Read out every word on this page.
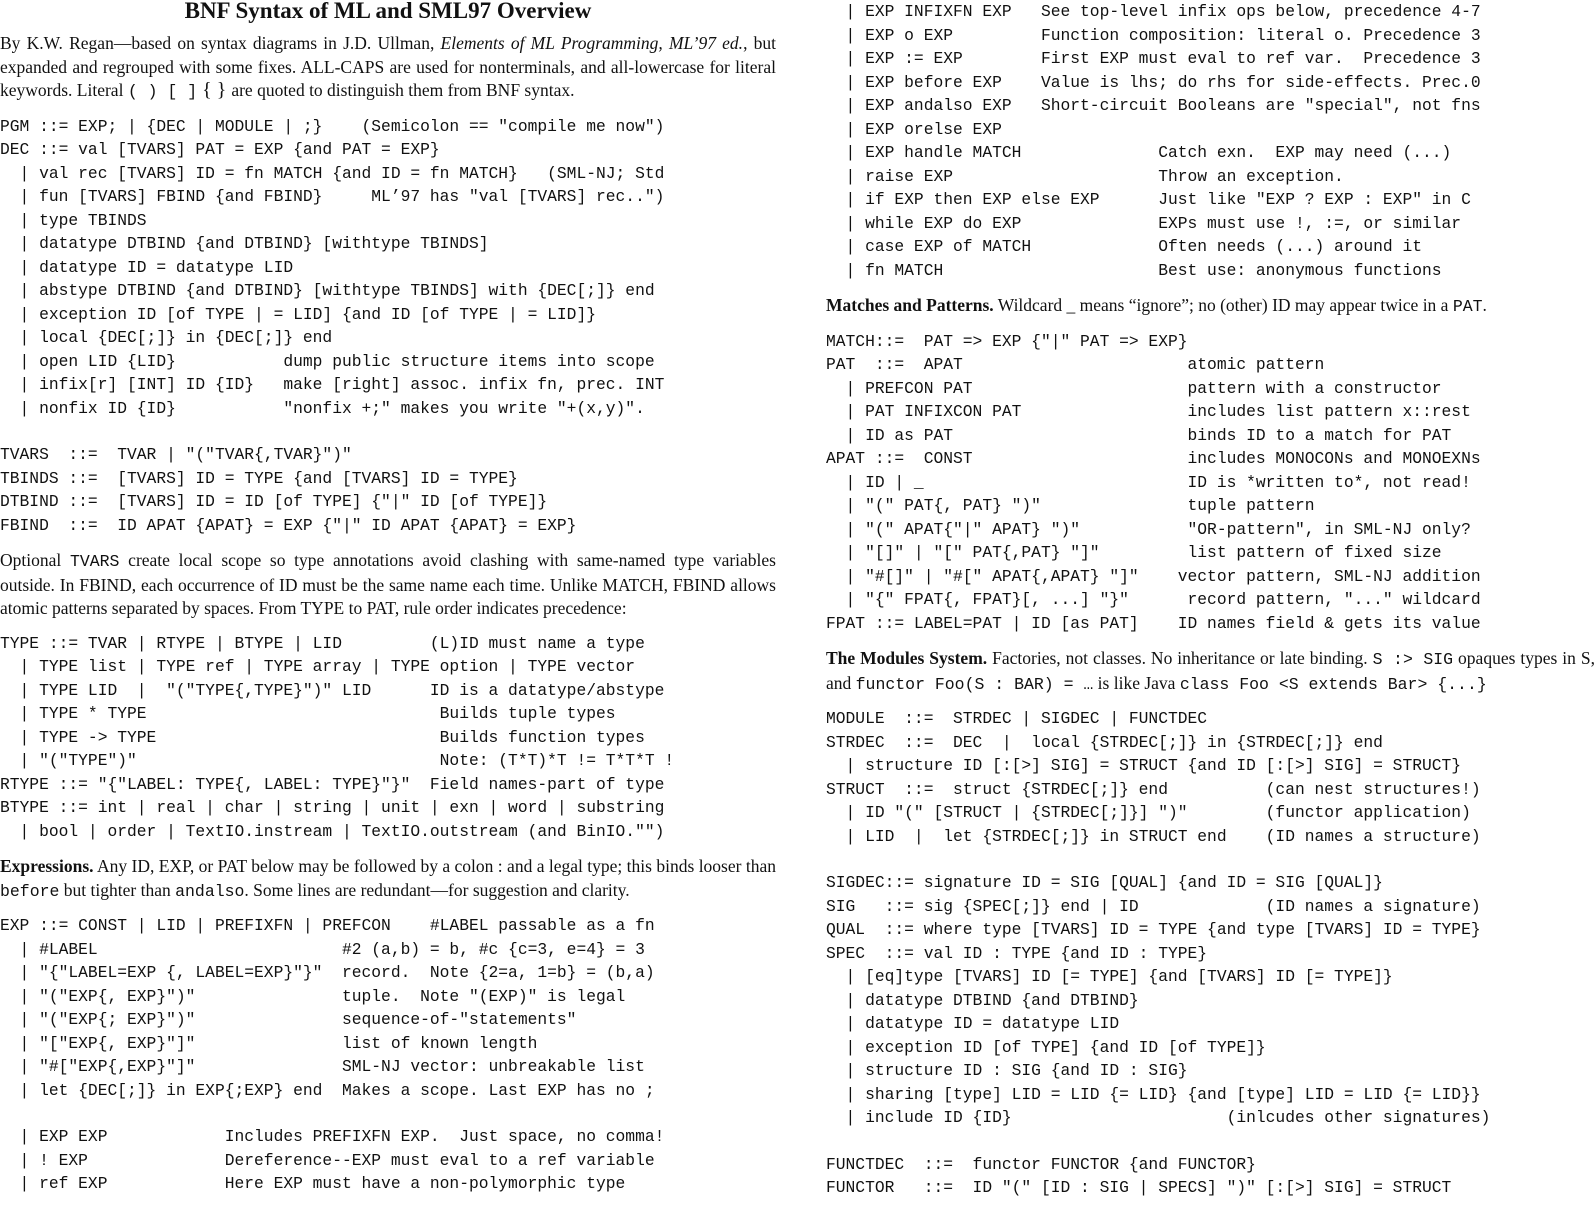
BNF Syntax of ML and SML97 Overview

By K.W. Regan—based on syntax diagrams in J.D. Ullman, Elements of ML Programming, ML’97 ed., but expanded and regrouped with some fixes. ALL-CAPS are used for nonterminals, and all-lowercase for literal keywords. Literal ( ) [ ] { } are quoted to distinguish them from BNF syntax.

PGM ::= EXP; | {DEC | MODULE | ;}    (Semicolon == "compile me now")
DEC ::= val [TVARS] PAT = EXP {and PAT = EXP}
| val rec [TVARS] ID = fn MATCH {and ID = fn MATCH}   (SML-NJ; Std
| fun [TVARS] FBIND {and FBIND}     ML’97 has "val [TVARS] rec..")
| type TBINDS
| datatype DTBIND {and DTBIND} [withtype TBINDS]
| datatype ID = datatype LID
| abstype DTBIND {and DTBIND} [withtype TBINDS] with {DEC[;]} end
| exception ID [of TYPE | = LID] {and ID [of TYPE | = LID]}
| local {DEC[;]} in {DEC[;]} end
| open LID {LID}           dump public structure items into scope
| infix[r] [INT] ID {ID}   make [right] assoc. infix fn, prec. INT
| nonfix ID {ID}           "nonfix +;" makes you write "+(x,y)".
TVARS  ::=  TVAR | "("TVAR{,TVAR}")"
TBINDS ::=  [TVARS] ID = TYPE {and [TVARS] ID = TYPE}
DTBIND ::=  [TVARS] ID = ID [of TYPE] {"|" ID [of TYPE]}
FBIND  ::=  ID APAT {APAT} = EXP {"|" ID APAT {APAT} = EXP}

Optional TVARS create local scope so type annotations avoid clashing with same-named type variables outside. In FBIND, each occurrence of ID must be the same name each time. Unlike MATCH, FBIND allows atomic patterns separated by spaces. From TYPE to PAT, rule order indicates precedence:

TYPE ::= TVAR | RTYPE | BTYPE | LID         (L)ID must name a type
| TYPE list | TYPE ref | TYPE array | TYPE option | TYPE vector
| TYPE LID  |  "("TYPE{,TYPE}")" LID      ID is a datatype/abstype
| TYPE * TYPE                              Builds tuple types
| TYPE -> TYPE                             Builds function types
| "("TYPE")"                               Note: (T*T)*T != T*T*T !
RTYPE ::= "{"LABEL: TYPE{, LABEL: TYPE}"}"  Field names-part of type
BTYPE ::= int | real | char | string | unit | exn | word | substring
| bool | order | TextIO.instream | TextIO.outstream (and BinIO."")

Expressions. Any ID, EXP, or PAT below may be followed by a colon : and a legal type; this binds looser than before but tighter than andalso. Some lines are redundant—for suggestion and clarity.

EXP ::= CONST | LID | PREFIXFN | PREFCON    #LABEL passable as a fn
| #LABEL                         #2 (a,b) = b, #c {c=3, e=4} = 3
| "{"LABEL=EXP {, LABEL=EXP}"}"  record.  Note {2=a, 1=b} = (b,a)
| "("EXP{, EXP}")"               tuple.  Note "(EXP)" is legal
| "("EXP{; EXP}")"               sequence-of-"statements"
| "["EXP{, EXP}"]"               list of known length
| "#["EXP{,EXP}"]"               SML-NJ vector: unbreakable list
| let {DEC[;]} in EXP{;EXP} end  Makes a scope. Last EXP has no ;
| EXP EXP            Includes PREFIXFN EXP.  Just space, no comma!
| ! EXP              Dereference--EXP must eval to a ref variable
| ref EXP            Here EXP must have a non-polymorphic type
| EXP INFIXFN EXP   See top-level infix ops below, precedence 4-7
| EXP o EXP         Function composition: literal o. Precedence 3
| EXP := EXP        First EXP must eval to ref var.  Precedence 3
| EXP before EXP    Value is lhs; do rhs for side-effects. Prec.0
| EXP andalso EXP   Short-circuit Booleans are "special", not fns
| EXP orelse EXP
| EXP handle MATCH              Catch exn.  EXP may need (...)
| raise EXP                     Throw an exception.
| if EXP then EXP else EXP      Just like "EXP ? EXP : EXP" in C
| while EXP do EXP              EXPs must use !, :=, or similar
| case EXP of MATCH             Often needs (...) around it
| fn MATCH                      Best use: anonymous functions

Matches and Patterns. Wildcard _ means “ignore”; no (other) ID may appear twice in a PAT.

MATCH::=  PAT => EXP {"|" PAT => EXP}
PAT  ::=  APAT                       atomic pattern
| PREFCON PAT                      pattern with a constructor
| PAT INFIXCON PAT                 includes list pattern x::rest
| ID as PAT                        binds ID to a match for PAT
APAT ::=  CONST                      includes MONOCONs and MONOEXNs
| ID | _                           ID is *written to*, not read!
| "(" PAT{, PAT} ")"               tuple pattern
| "(" APAT{"|" APAT} ")"           "OR-pattern", in SML-NJ only?
| "[]" | "[" PAT{,PAT} "]"         list pattern of fixed size
| "#[]" | "#[" APAT{,APAT} "]"    vector pattern, SML-NJ addition
| "{" FPAT{, FPAT}[, ...] "}"      record pattern, "..." wildcard
FPAT ::= LABEL=PAT | ID [as PAT]    ID names field & gets its value

The Modules System. Factories, not classes. No inheritance or late binding. S :> SIG opaques types in S, and functor Foo(S : BAR) = … is like Java class Foo <S extends Bar> {...}

MODULE  ::=  STRDEC | SIGDEC | FUNCTDEC
STRDEC  ::=  DEC  |  local {STRDEC[;]} in {STRDEC[;]} end
| structure ID [:[>] SIG] = STRUCT {and ID [:[>] SIG] = STRUCT}
STRUCT  ::=  struct {STRDEC[;]} end          (can nest structures!)
| ID "(" [STRUCT | {STRDEC[;]}] ")"        (functor application)
| LID  |  let {STRDEC[;]} in STRUCT end    (ID names a structure)
SIGDEC::= signature ID = SIG [QUAL] {and ID = SIG [QUAL]}
SIG   ::= sig {SPEC[;]} end | ID             (ID names a signature)
QUAL  ::= where type [TVARS] ID = TYPE {and type [TVARS] ID = TYPE}
SPEC  ::= val ID : TYPE {and ID : TYPE}
| [eq]type [TVARS] ID [= TYPE] {and [TVARS] ID [= TYPE]}
| datatype DTBIND {and DTBIND}
| datatype ID = datatype LID
| exception ID [of TYPE] {and ID [of TYPE]}
| structure ID : SIG {and ID : SIG}
| sharing [type] LID = LID {= LID} {and [type] LID = LID {= LID}}
| include ID {ID}                      (inlcudes other signatures)
FUNCTDEC  ::=  functor FUNCTOR {and FUNCTOR}
FUNCTOR   ::=  ID "(" [ID : SIG | SPECS] ")" [:[>] SIG] = STRUCT
